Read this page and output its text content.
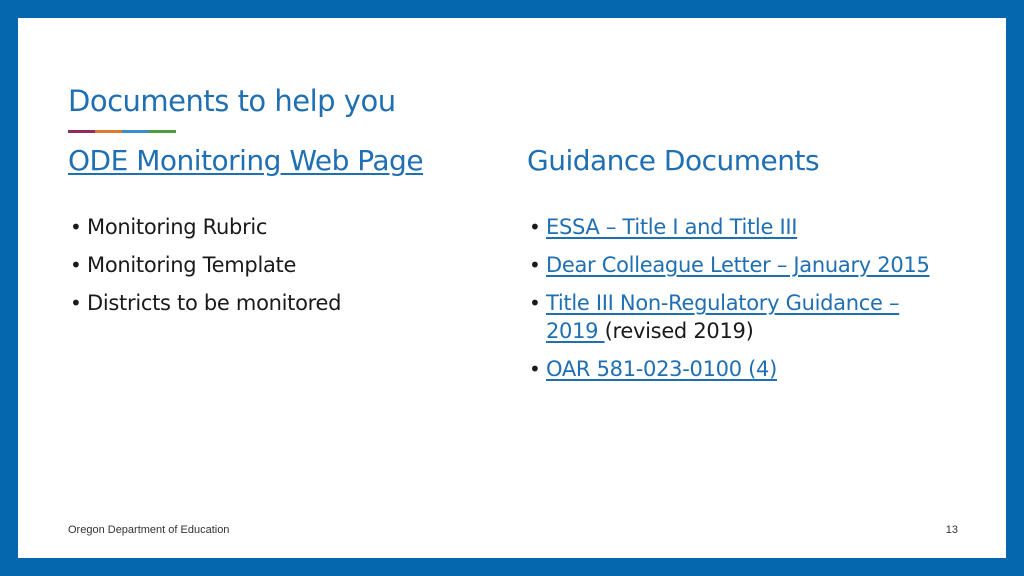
Documents to help you
ODE Monitoring Web Page	Guidance Documents
• Monitoring Rubric
• Monitoring Template
• Districts to be monitored
• ESSA – Title I and Title III
• Dear Colleague Letter – January 2015
• Title III Non-Regulatory Guidance – 2019 (revised 2019)
• OAR 581-023-0100 (4)
Oregon Department of Education	13
